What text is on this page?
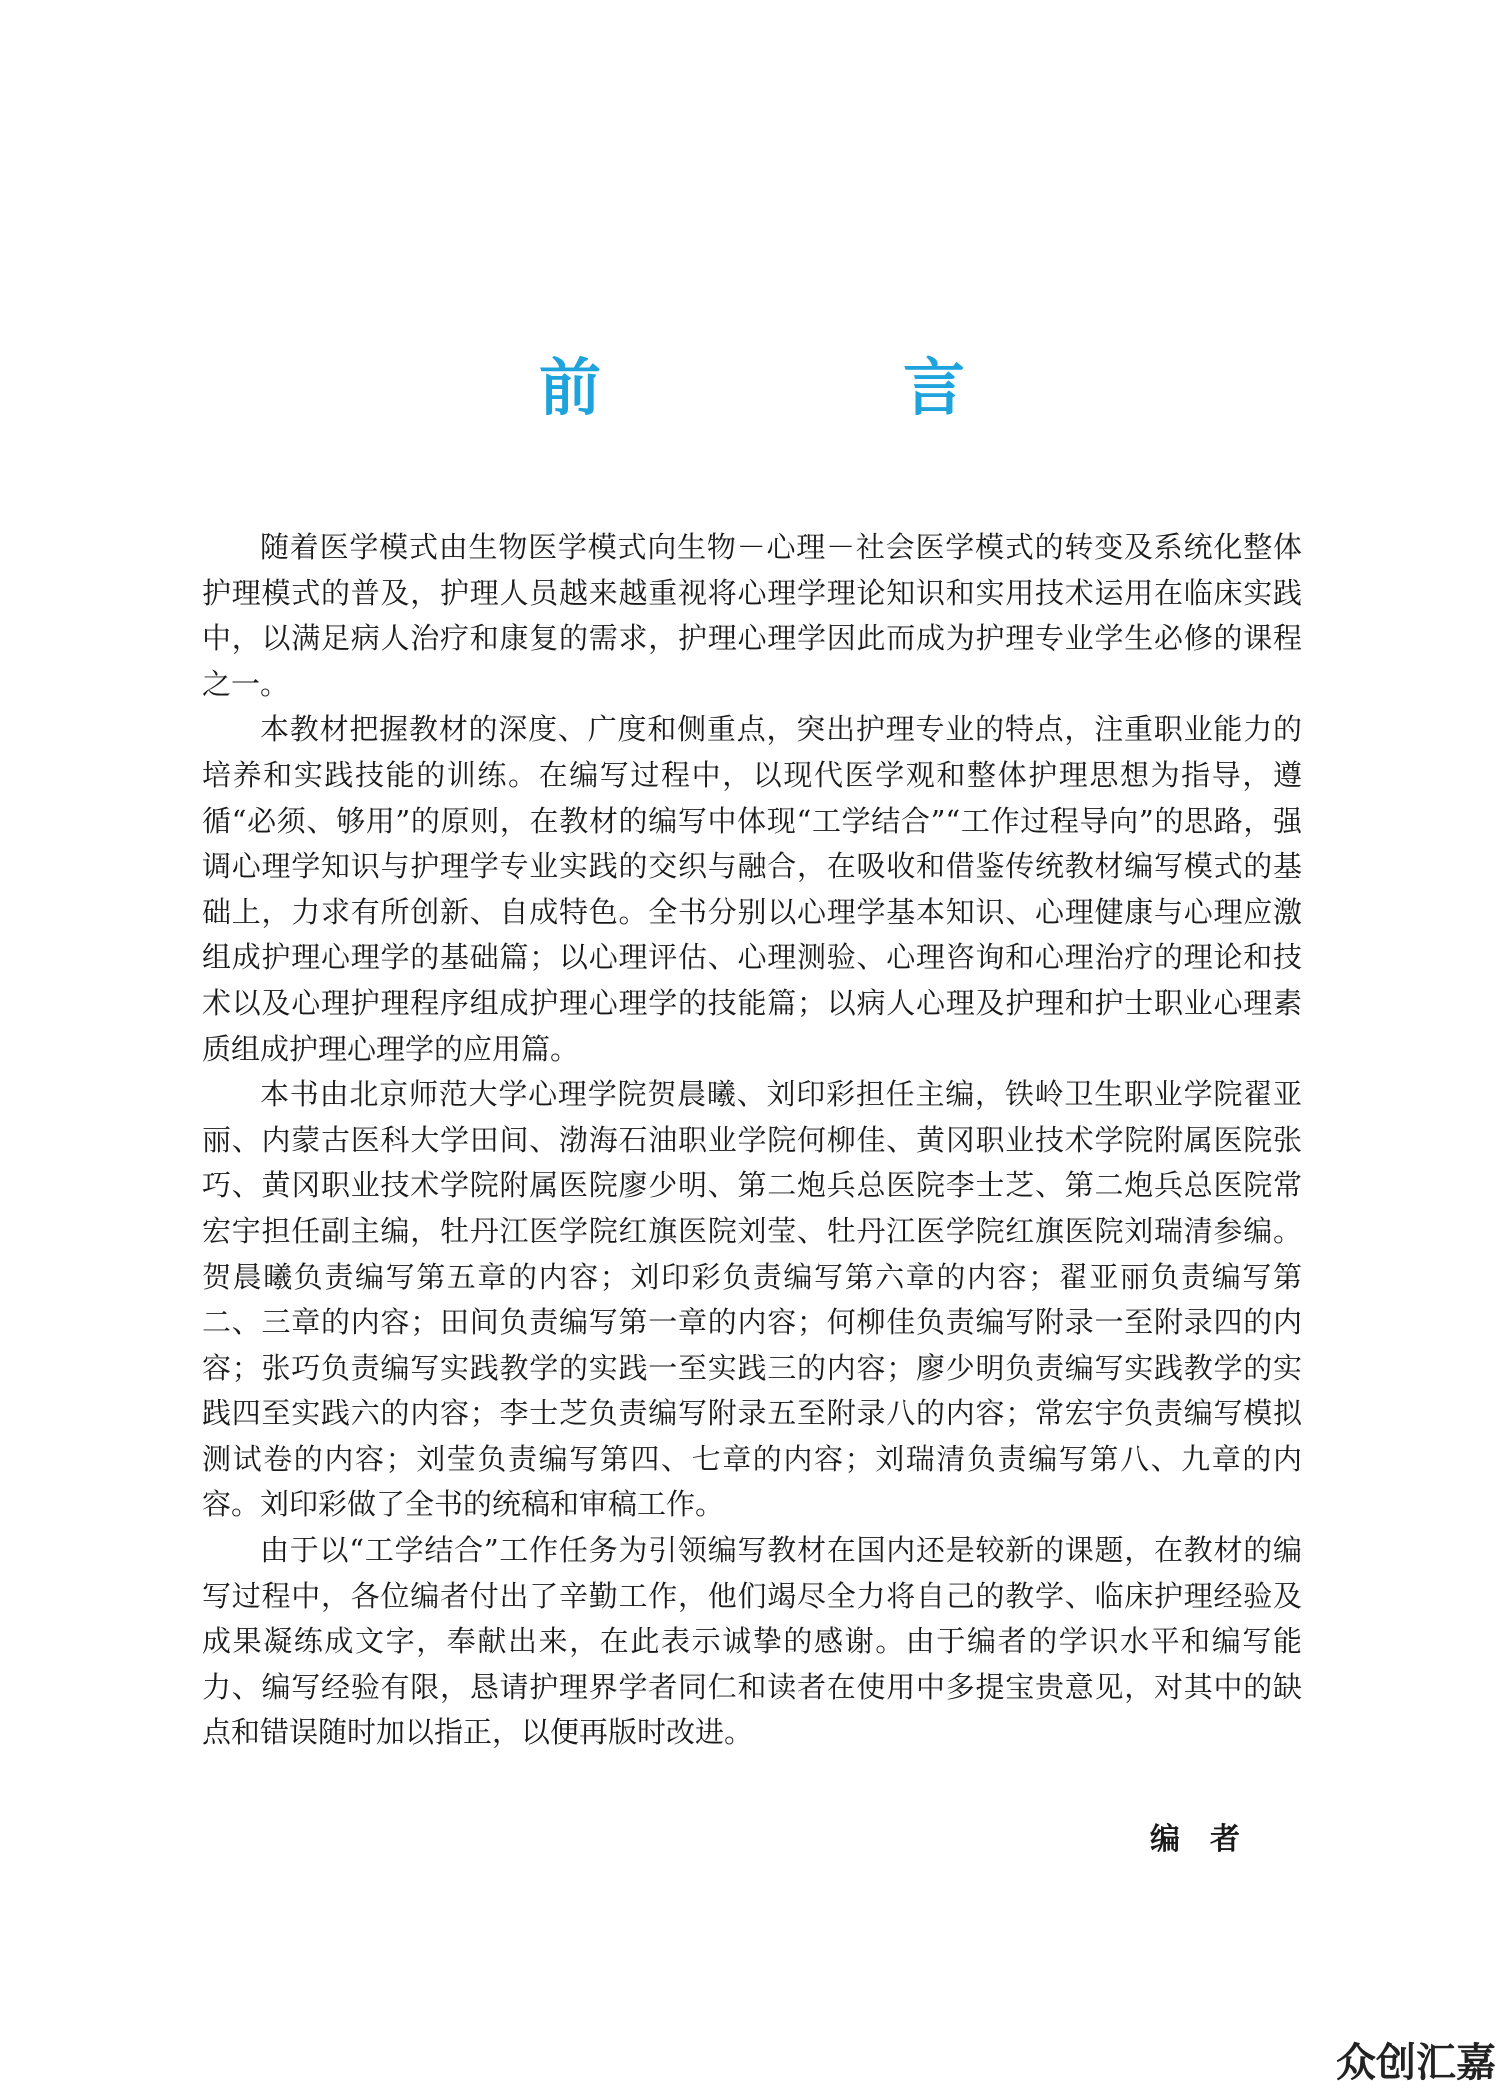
前　言

随着医学模式由生物医学模式向生物－心理－社会医学模式的转变及系统化整体护理模式的普及，护理人员越来越重视将心理学理论知识和实用技术运用在临床实践中，以满足病人治疗和康复的需求，护理心理学因此而成为护理专业学生必修的课程之一。

本教材把握教材的深度、广度和侧重点，突出护理专业的特点，注重职业能力的培养和实践技能的训练。在编写过程中，以现代医学观和整体护理思想为指导，遵循“必须、够用”的原则，在教材的编写中体现“工学结合”“工作过程导向”的思路，强调心理学知识与护理学专业实践的交织与融合，在吸收和借鉴传统教材编写模式的基础上，力求有所创新、自成特色。全书分别以心理学基本知识、心理健康与心理应激组成护理心理学的基础篇；以心理评估、心理测验、心理咨询和心理治疗的理论和技术以及心理护理程序组成护理心理学的技能篇；以病人心理及护理和护士职业心理素质组成护理心理学的应用篇。

本书由北京师范大学心理学院贺晨曦、刘印彩担任主编，铁岭卫生职业学院翟亚丽、内蒙古医科大学田间、渤海石油职业学院何柳佳、黄冈职业技术学院附属医院张巧、黄冈职业技术学院附属医院廖少明、第二炮兵总医院李士芝、第二炮兵总医院常宏宇担任副主编，牡丹江医学院红旗医院刘莹、牡丹江医学院红旗医院刘瑞清参编。贺晨曦负责编写第五章的内容；刘印彩负责编写第六章的内容；翟亚丽负责编写第二、三章的内容；田间负责编写第一章的内容；何柳佳负责编写附录一至附录四的内容；张巧负责编写实践教学的实践一至实践三的内容；廖少明负责编写实践教学的实践四至实践六的内容；李士芝负责编写附录五至附录八的内容；常宏宇负责编写模拟测试卷的内容；刘莹负责编写第四、七章的内容；刘瑞清负责编写第八、九章的内容。刘印彩做了全书的统稿和审稿工作。

由于以“工学结合”工作任务为引领编写教材在国内还是较新的课题，在教材的编写过程中，各位编者付出了辛勤工作，他们竭尽全力将自己的教学、临床护理经验及成果凝练成文字，奉献出来，在此表示诚挚的感谢。由于编者的学识水平和编写能力、编写经验有限，恳请护理界学者同仁和读者在使用中多提宝贵意见，对其中的缺点和错误随时加以指正，以便再版时改进。

编者
众创汇嘉
